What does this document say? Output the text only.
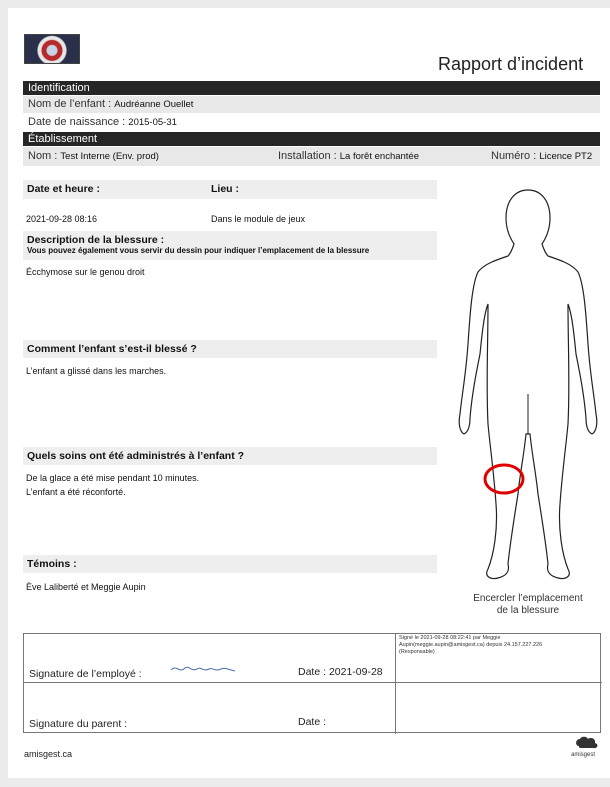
Rapport d’incident
Identification
Nom de l’enfant : Audréanne Ouellet
Date de naissance : 2015-05-31
Établissement
Nom : Test Interne (Env. prod)	Installation : La forêt enchantée	Numéro : Licence PT2
Date et heure :	Lieu :
2021-09-28 08:16	Dans le module de jeux
Description de la blessure :
Vous pouvez également vous servir du dessin pour indiquer l’emplacement de la blessure
Écchymose sur le genou droit
Comment l’enfant s’est-il blessé ?
L’enfant a glissé dans les marches.
Quels soins ont été administrés à l’enfant ?
De la glace a été mise pendant 10 minutes.
L’enfant a été réconforté.
Témoins :
Ève Laliberté et Meggie Aupin
Encercler l’emplacement
de la blessure
Signé le 2021-09-28 08:22:41 par Meggie
Aupin(meggie.aupin@amisgest.ca) depuis 24.157.227.226
(Responsable)
Signature de l’employé :	Date : 2021-09-28
Signature du parent :	Date :
amisgest.ca	amisgest
